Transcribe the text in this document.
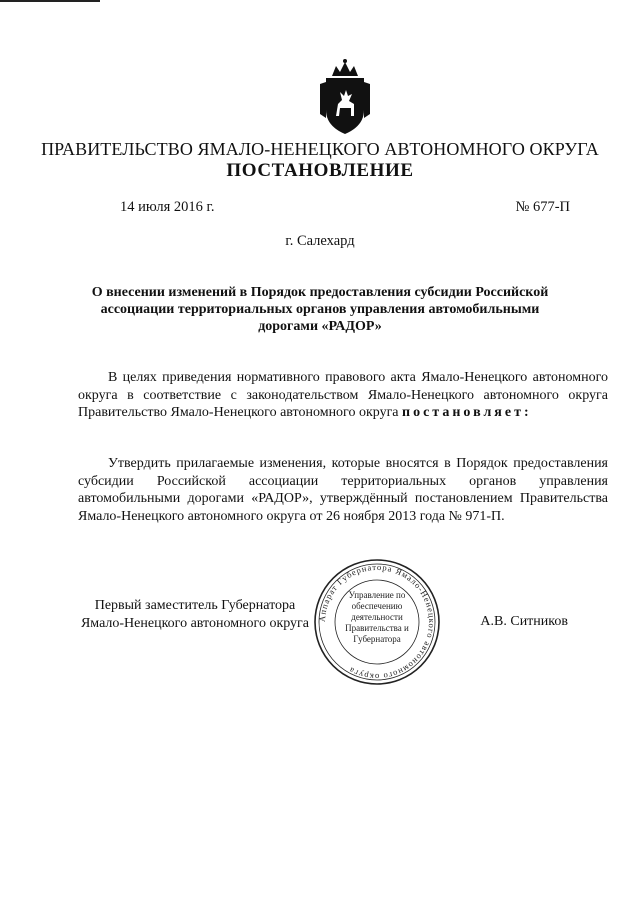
ПРАВИТЕЛЬСТВО ЯМАЛО-НЕНЕЦКОГО АВТОНОМНОГО ОКРУГА
ПОСТАНОВЛЕНИЕ
14 июля 2016 г.	№ 677-П
г. Салехард
О внесении изменений в Порядок предоставления субсидии Российской ассоциации территориальных органов управления автомобильными дорогами «РАДОР»
В целях приведения нормативного правового акта Ямало-Ненецкого автономного округа в соответствие с законодательством Ямало-Ненецкого автономного округа Правительство Ямало-Ненецкого автономного округа постановляет:
Утвердить прилагаемые изменения, которые вносятся в Порядок предоставления субсидии Российской ассоциации территориальных органов управления автомобильными дорогами «РАДОР», утверждённый постановлением Правительства Ямало-Ненецкого автономного округа от 26 ноября 2013 года № 971-П.
Первый заместитель Губернатора
Ямало-Ненецкого автономного округа	А.В. Ситников
Аппарат Губернатора Ямало-Ненецкого автономного округа
Управление по обеспечению деятельности Правительства и Губернатора
